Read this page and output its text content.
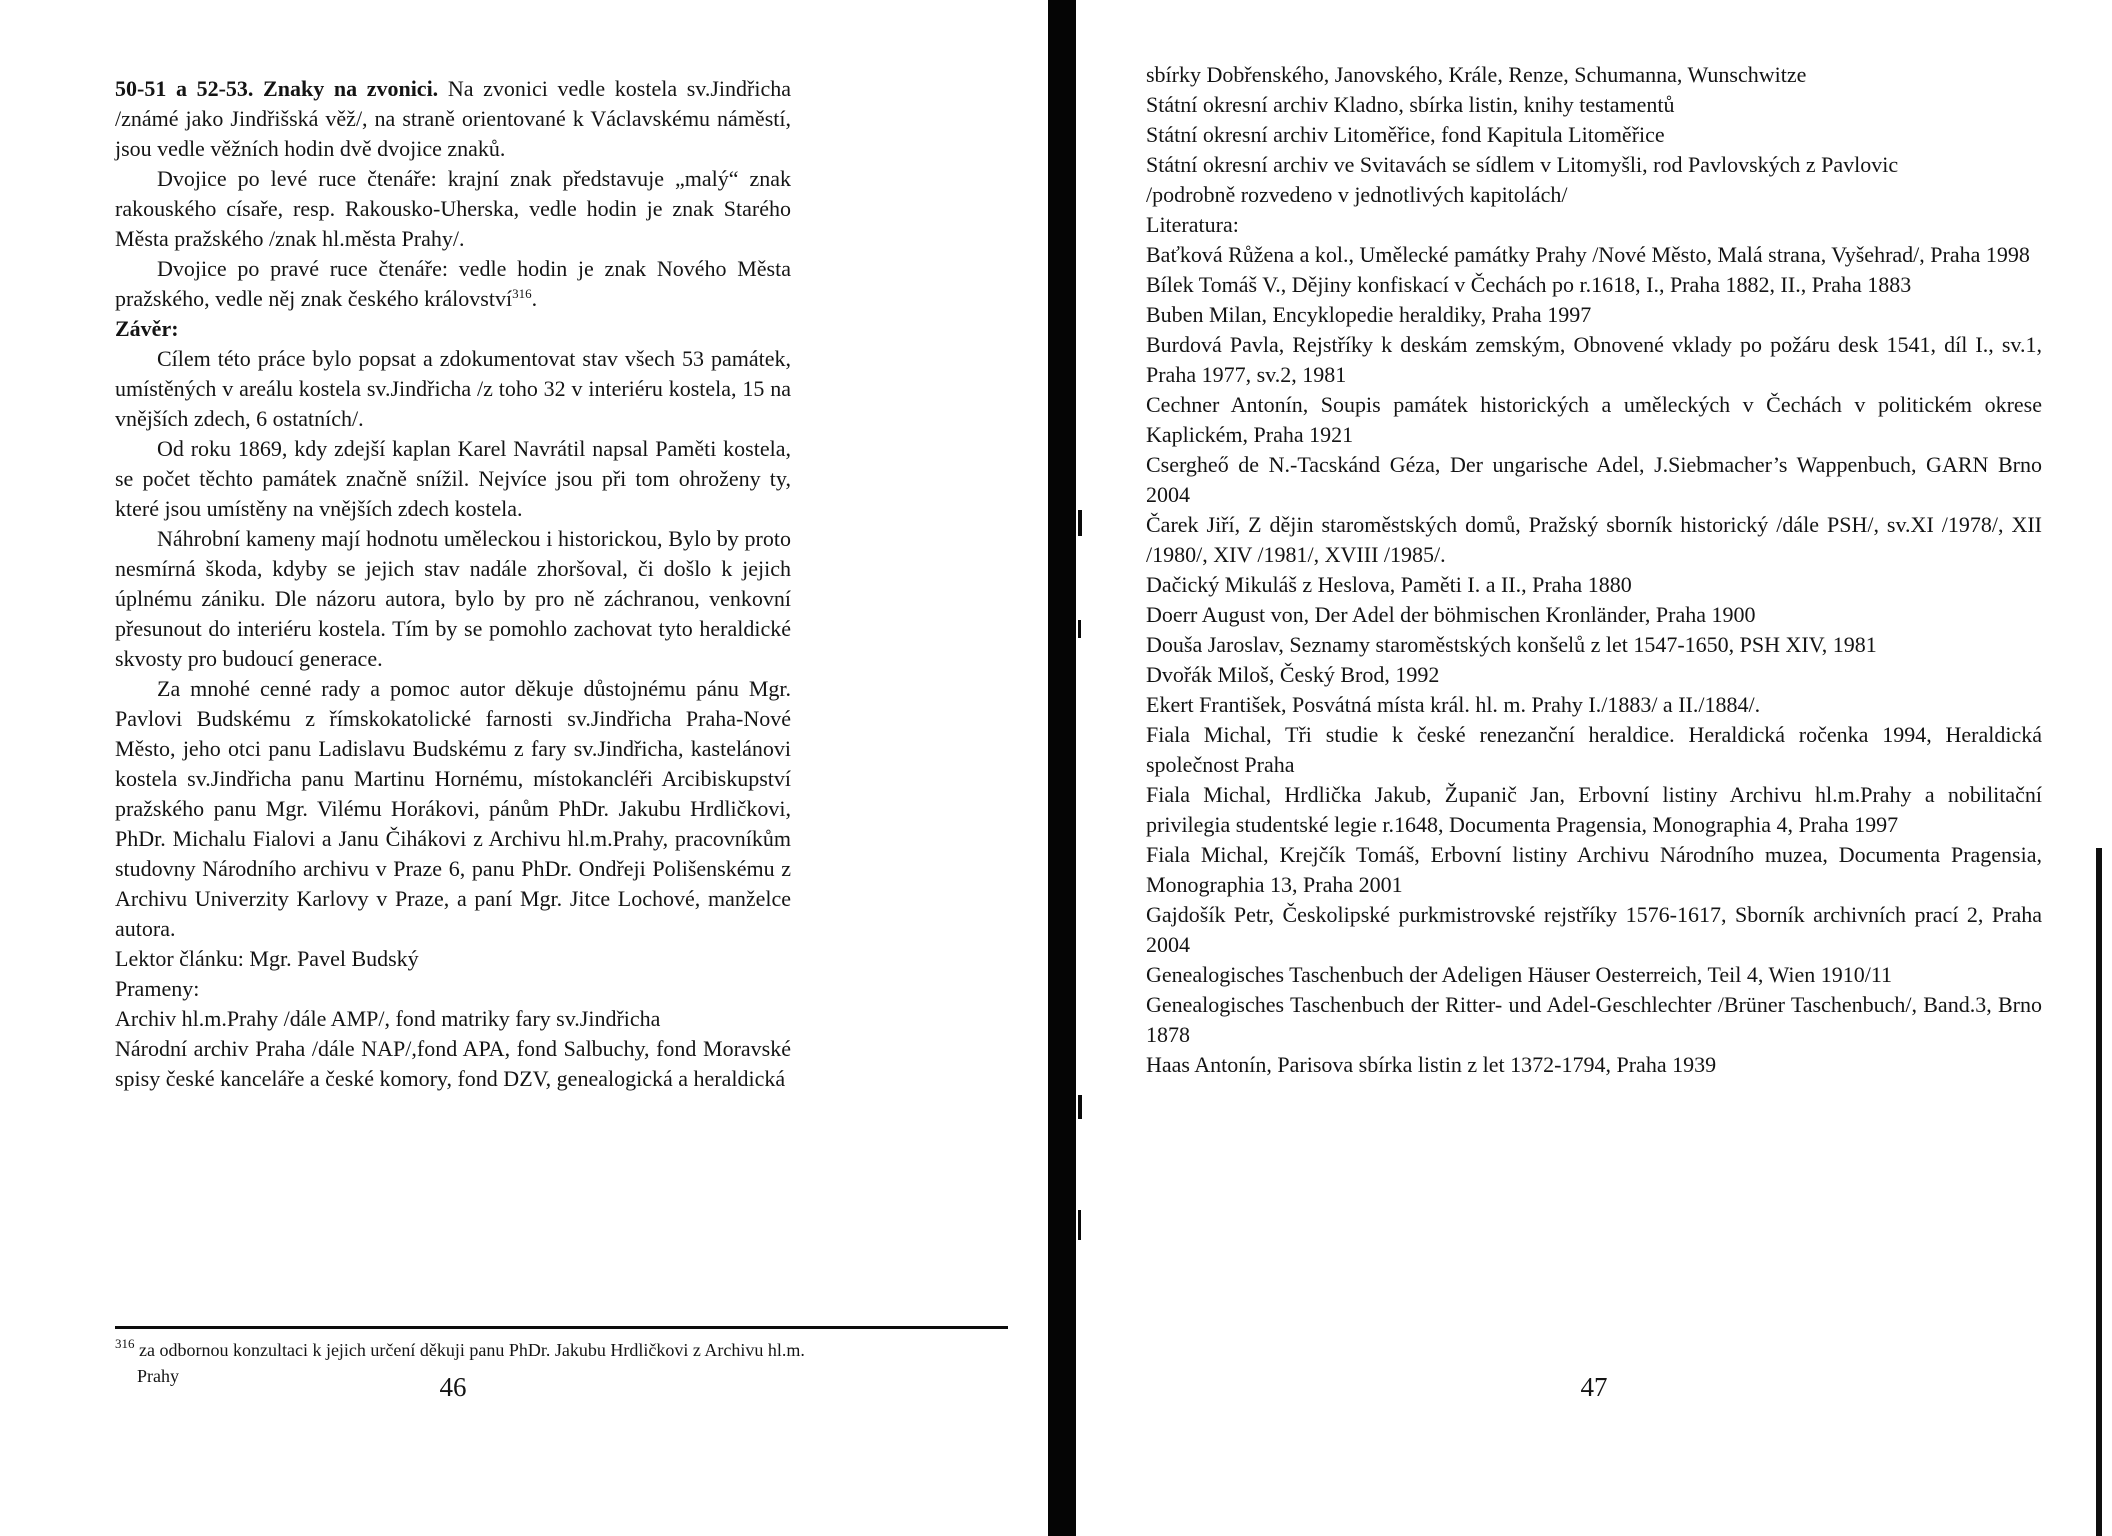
50-51 a 52-53. Znaky na zvonici. Na zvonici vedle kostela sv.Jindřicha /známé jako Jindřišská věž/, na straně orientované k Václavskému náměstí, jsou vedle věžních hodin dvě dvojice znaků.

Dvojice po levé ruce čtenáře: krajní znak představuje „malý“ znak rakouského císaře, resp. Rakousko-Uherska, vedle hodin je znak Starého Města pražského /znak hl.města Prahy/.

Dvojice po pravé ruce čtenáře: vedle hodin je znak Nového Města pražského, vedle něj znak českého království$^{316}$.

Závěr:

Cílem této práce bylo popsat a zdokumentovat stav všech 53 památek, umístěných v areálu kostela sv.Jindřicha /z toho 32 v interiéru kostela, 15 na vnějších zdech, 6 ostatních/.

Od roku 1869, kdy zdejší kaplan Karel Navrátil napsal Paměti kostela, se počet těchto památek značně snížil. Nejvíce jsou při tom ohroženy ty, které jsou umístěny na vnějších zdech kostela.

Náhrobní kameny mají hodnotu uměleckou i historickou, Bylo by proto nesmírná škoda, kdyby se jejich stav nadále zhoršoval, či došlo k jejich úplnému zániku. Dle názoru autora, bylo by pro ně záchranou, venkovní přesunout do interiéru kostela. Tím by se pomohlo zachovat tyto heraldické skvosty pro budoucí generace.

Za mnohé cenné rady a pomoc autor děkuje důstojnému pánu Mgr. Pavlovi Budskému z římskokatolické farnosti sv.Jindřicha Praha-Nové Město, jeho otci panu Ladislavu Budskému z fary sv.Jindřicha, kastelánovi kostela sv.Jindřicha panu Martinu Hornému, místokancléři Arcibiskupství pražského panu Mgr. Vilému Horákovi, pánům PhDr. Jakubu Hrdličkovi, PhDr. Michalu Fialovi a Janu Čihákovi z Archivu hl.m.Prahy, pracovníkům studovny Národního archivu v Praze 6, panu PhDr. Ondřeji Polišenskému z Archivu Univerzity Karlovy v Praze, a paní Mgr. Jitce Lochové, manželce autora.

Lektor článku: Mgr. Pavel Budský

Prameny:

Archiv hl.m.Prahy /dále AMP/, fond matriky fary sv.Jindřicha

Národní archiv Praha /dále NAP/,fond APA, fond Salbuchy, fond Moravské spisy české kanceláře a české komory, fond DZV, genealogická a heraldická

$^{316}$ za odbornou konzultaci k jejich určení děkuji panu PhDr. Jakubu Hrdličkovi z Archivu hl.m. Prahy	46

sbírky Dobřenského, Janovského, Krále, Renze, Schumanna, Wunschwitze

Státní okresní archiv Kladno, sbírka listin, knihy testamentů

Státní okresní archiv Litoměřice, fond Kapitula Litoměřice

Státní okresní archiv ve Svitavách se sídlem v Litomyšli, rod Pavlovských z Pavlovic

/podrobně rozvedeno v jednotlivých kapitolách/

Literatura:

Baťková Růžena a kol., Umělecké památky Prahy /Nové Město, Malá strana, Vyšehrad/, Praha 1998

Bílek Tomáš V., Dějiny konfiskací v Čechách po r.1618, I., Praha 1882, II., Praha 1883

Buben Milan, Encyklopedie heraldiky, Praha 1997

Burdová Pavla, Rejstříky k deskám zemským, Obnovené vklady po požáru desk 1541, díl I., sv.1, Praha 1977, sv.2, 1981

Cechner Antonín, Soupis památek historických a uměleckých v Čechách v politickém okrese Kaplickém, Praha 1921

Csergheő de N.-Tacskánd Géza, Der ungarische Adel, J.Siebmacher’s Wappenbuch, GARN Brno 2004

Čarek Jiří, Z dějin staroměstských domů, Pražský sborník historický /dále PSH/, sv.XI /1978/, XII /1980/, XIV /1981/, XVIII /1985/.

Dačický Mikuláš z Heslova, Paměti I. a II., Praha 1880

Doerr August von, Der Adel der böhmischen Kronländer, Praha 1900

Douša Jaroslav, Seznamy staroměstských konšelů z let 1547-1650, PSH XIV, 1981

Dvořák Miloš, Český Brod, 1992

Ekert František, Posvátná místa král. hl. m. Prahy I./1883/ a II./1884/.

Fiala Michal, Tři studie k české renezanční heraldice. Heraldická ročenka 1994, Heraldická společnost Praha

Fiala Michal, Hrdlička Jakub, Županič Jan, Erbovní listiny Archivu hl.m.Prahy a nobilitační privilegia studentské legie r.1648, Documenta Pragensia, Monographia 4, Praha 1997

Fiala Michal, Krejčík Tomáš, Erbovní listiny Archivu Národního muzea, Documenta Pragensia, Monographia 13, Praha 2001

Gajdošík Petr, Českolipské purkmistrovské rejstříky 1576-1617, Sborník archivních prací 2, Praha 2004

Genealogisches Taschenbuch der Adeligen Häuser Oesterreich, Teil 4, Wien 1910/11

Genealogisches Taschenbuch der Ritter- und Adel-Geschlechter /Brüner Taschenbuch/, Band.3, Brno 1878

Haas Antonín, Parisova sbírka listin z let 1372-1794, Praha 1939

47
